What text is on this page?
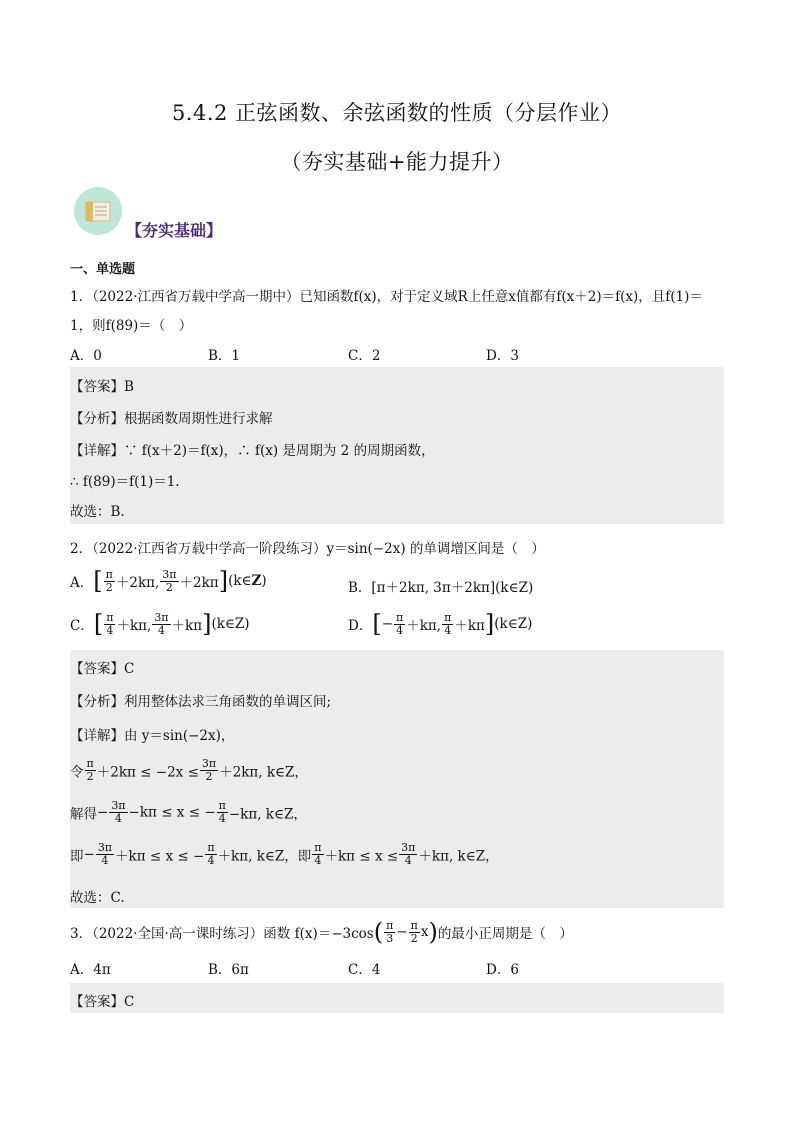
5.4.2 正弦函数、余弦函数的性质（分层作业）
（夯实基础+能力提升）
【夯实基础】
一、单选题
1．（2022·江西省万载中学高一期中）已知函数f(x)，对于定义域R上任意x值都有f(x＋2)＝f(x)，且f(1)＝
1，则f(89)＝（　）
A．0	B．1	C．2	D．3
【答案】B
【分析】根据函数周期性进行求解
【详解】∵ f(x＋2)＝f(x)，∴ f(x) 是周期为 2 的周期函数，
∴ f(89)＝f(1)＝1.
故选：B.
2．（2022·江西省万载中学高一阶段练习）y＝sin(−2x) 的单调增区间是（　）
A．[ $\frac{\pi}{2} +2k\pi$, $\frac{3\pi}{2}$ ＋2kπ](k∈Z)	B．[π＋2kπ, 3π＋2kπ](k∈Z)
C．[ $\frac{\pi}{4} +k\pi$, $\frac{3\pi}{4}$ ＋kπ](k∈Z)	D．[− $\frac{\pi}{4} +k\pi$, $\frac{\pi}{4}$ ＋kπ](k∈Z)
【答案】C
【分析】利用整体法求三角函数的单调区间;
【详解】由 y＝sin(−2x)，
令 $\frac{\pi}{2} +2k\pi \le -2x \le \frac{3\pi}{2} +2k\pi$, k∈Z，
解得− $\frac{3\pi}{4} -k\pi \le x$ ≤ − $\frac{\pi}{4} -k\pi$, k∈Z，
即− $\frac{3\pi}{4} +k\pi \le x$ ≤ − $\frac{\pi}{4} +k\pi$, k∈Z，即 $\frac{\pi}{4} +k\pi \le x \le \frac{3\pi}{4} +k\pi$, k∈Z，
故选：C.
3．（2022·全国·高一课时练习）函数 $f(x)=-3\cos( \frac{\pi}{3} - \frac{\pi}{2} x)$的最小正周期是（　）
A．4π	B．6π	C．4	D．6
【答案】C
